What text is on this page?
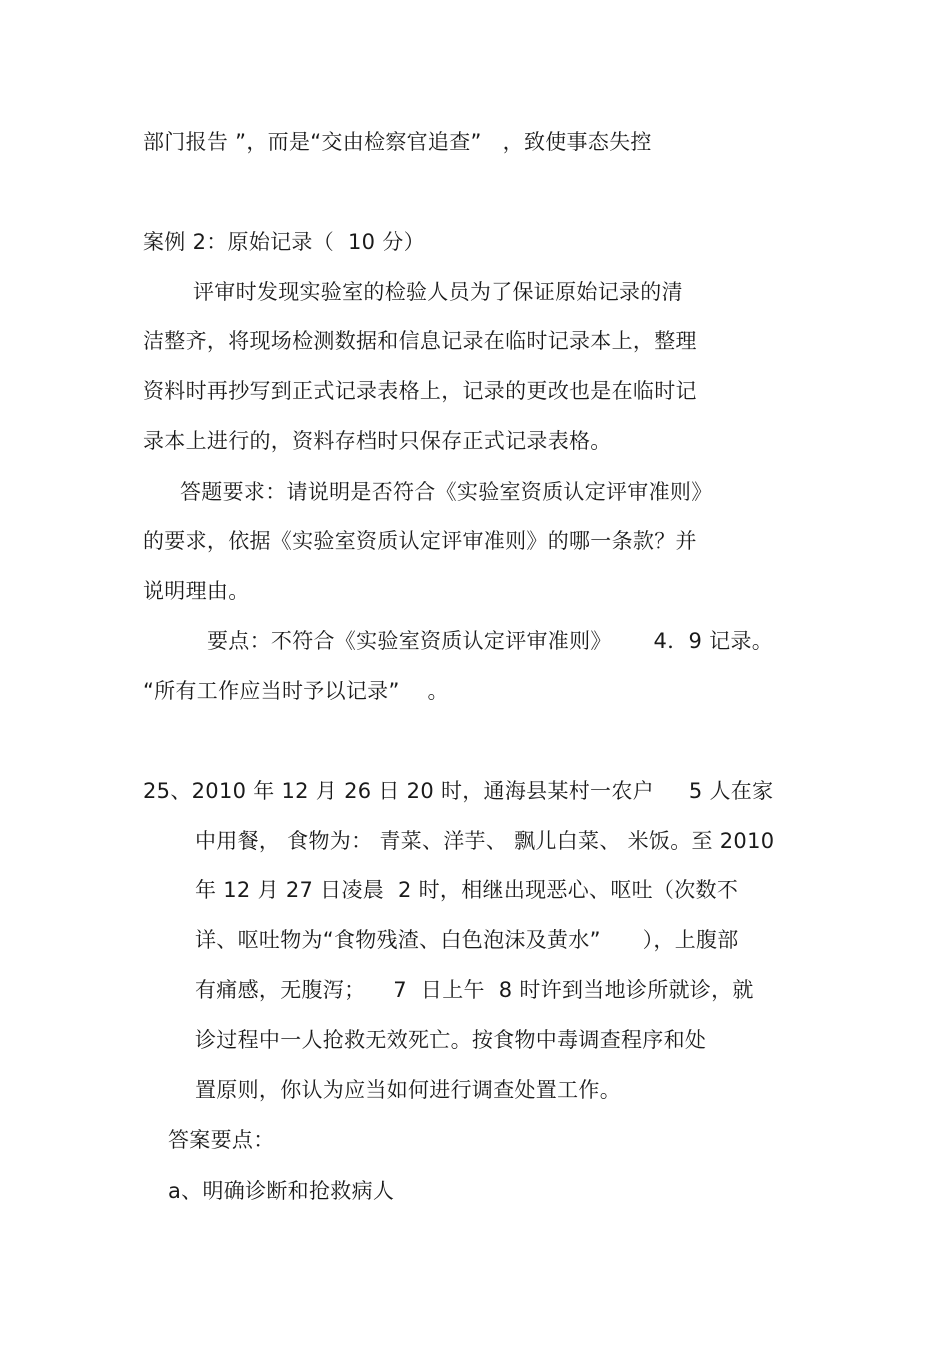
部门报告 ”，而是“交由检察官追查”   ，致使事态失控
案例 2：原始记录（  10 分）
评审时发现实验室的检验人员为了保证原始记录的清
洁整齐，将现场检测数据和信息记录在临时记录本上，整理
资料时再抄写到正式记录表格上，记录的更改也是在临时记
录本上进行的，资料存档时只保存正式记录表格。
答题要求：请说明是否符合《实验室资质认定评审准则》
的要求，依据《实验室资质认定评审准则》的哪一条款？并
说明理由。
要点：不符合《实验室资质认定评审准则》      4．9 记录。
“所有工作应当时予以记录”    。
25、2010 年 12 月 26 日 20 时，通海县某村一农户     5 人在家
中用餐， 食物为： 青菜、洋芋、 飘儿白菜、 米饭。至 2010
年 12 月 27 日凌晨  2 时，相继出现恶心、呕吐（次数不
详、呕吐物为“食物残渣、白色泡沫及黄水”      ），上腹部
有痛感，无腹泻；    7  日上午  8 时许到当地诊所就诊，就
诊过程中一人抢救无效死亡。按食物中毒调查程序和处
置原则，你认为应当如何进行调查处置工作。
答案要点：
a、明确诊断和抢救病人
